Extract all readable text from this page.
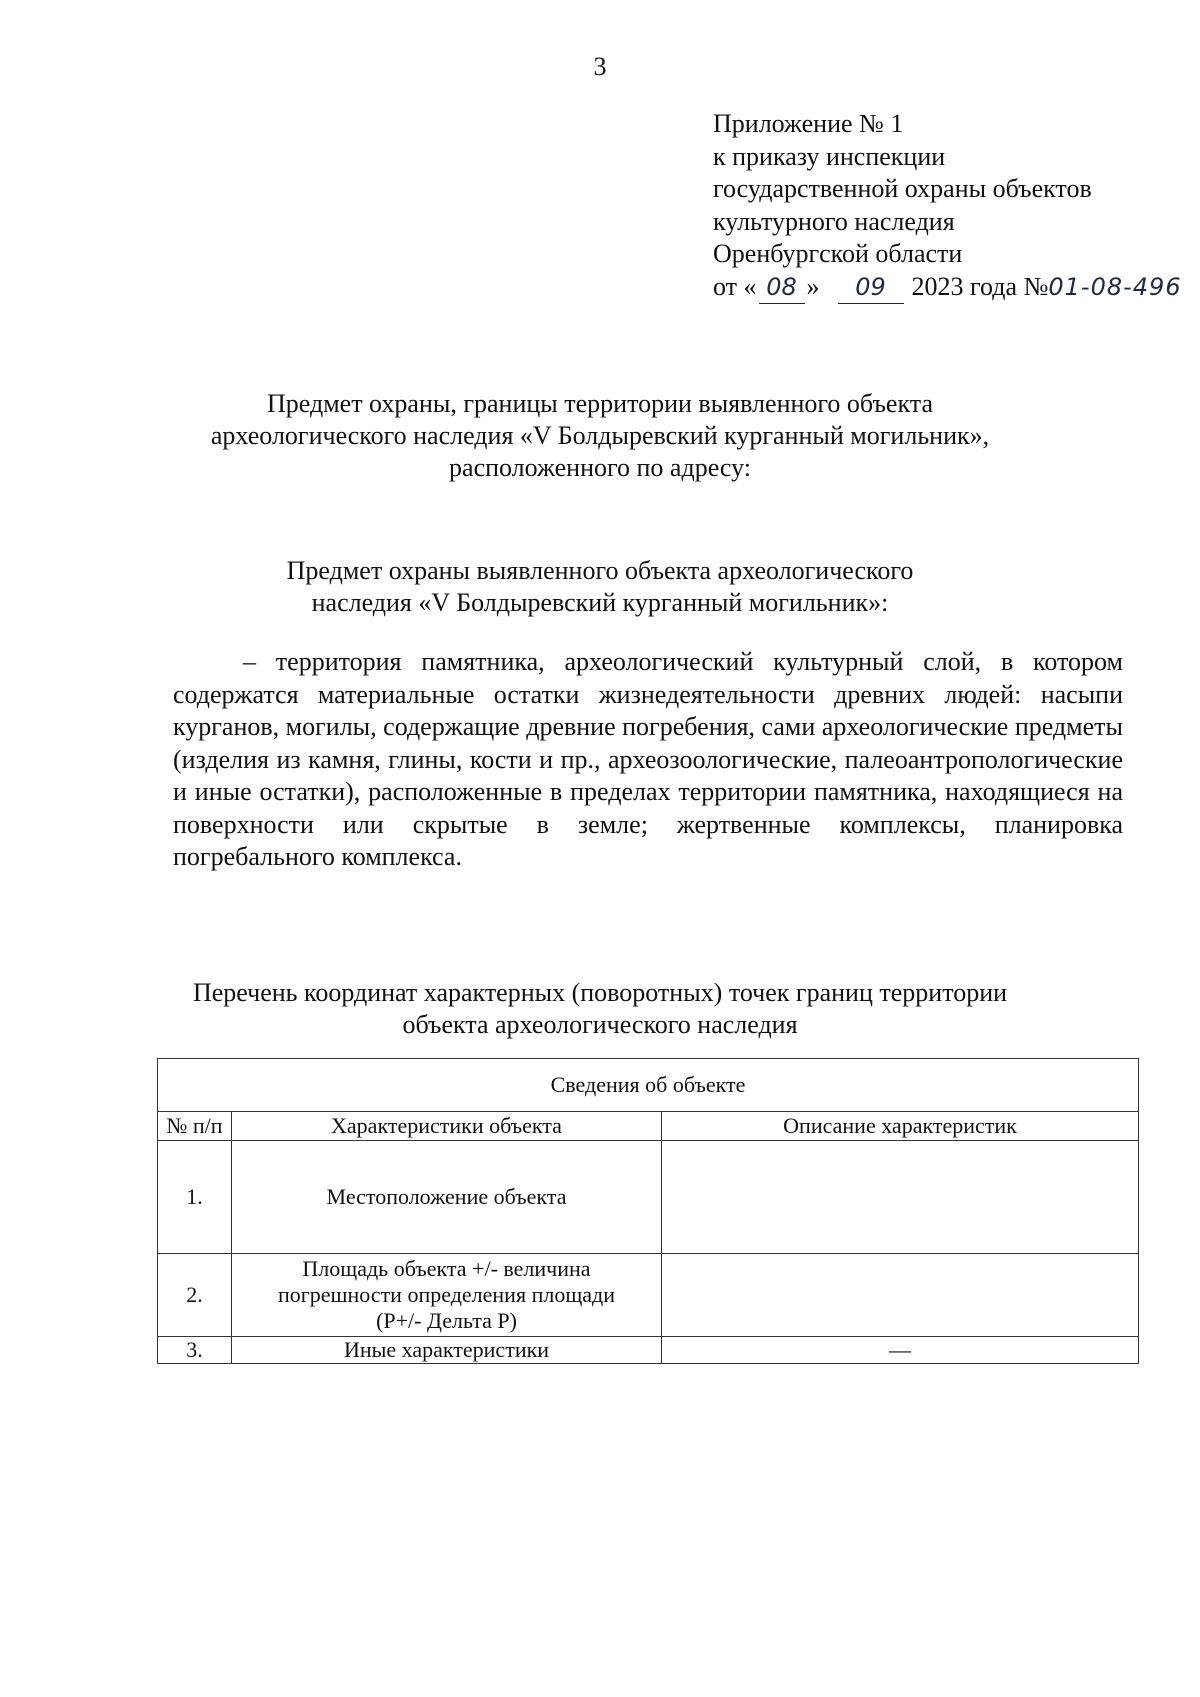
3
Приложение № 1
к приказу инспекции
государственной охраны объектов
культурного наследия
Оренбургской области
от « 08 » 09 2023 года №01-08-496
Предмет охраны, границы территории выявленного объекта
археологического наследия «V Болдыревский курганный могильник»,
расположенного по адресу:
Предмет охраны выявленного объекта археологического
наследия «V Болдыревский курганный могильник»:
– территория памятника, археологический культурный слой, в котором содержатся материальные остатки жизнедеятельности древних людей: насыпи курганов, могилы, содержащие древние погребения, сами археологические предметы (изделия из камня, глины, кости и пр., археозоологические, палеоантропологические и иные остатки), расположенные в пределах территории памятника, находящиеся на поверхности или скрытые в земле; жертвенные комплексы, планировка погребального комплекса.
Перечень координат характерных (поворотных) точек границ территории
объекта археологического наследия
Сведения об объекте		
№ п/п	Характеристики объекта	Описание характеристик
1.	Местоположение объекта	
2.	Площадь объекта +/- величина
погрешности определения площади
(Р+/- Дельта Р)	

3.	Иные характеристики	—
